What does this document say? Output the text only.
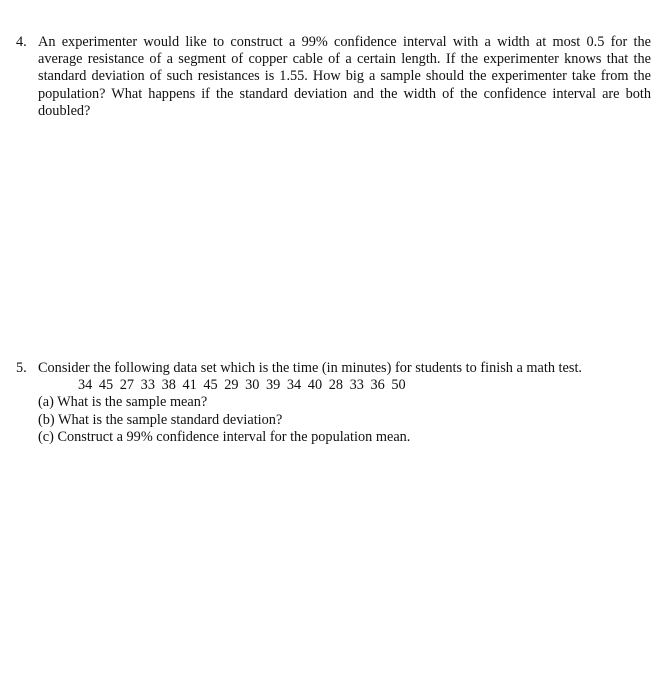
4. An experimenter would like to construct a 99% confidence interval with a width at most 0.5 for the average resistance of a segment of copper cable of a certain length. If the experimenter knows that the standard deviation of such resistances is 1.55. How big a sample should the experimenter take from the population? What happens if the standard deviation and the width of the confidence interval are both doubled?

5. Consider the following data set which is the time (in minutes) for students to finish a math test.

34 45 27 33 38 41 45 29 30 39 34 40 28 33 36 50
(a) What is the sample mean?
(b) What is the sample standard deviation?
(c) Construct a 99% confidence interval for the population mean.
